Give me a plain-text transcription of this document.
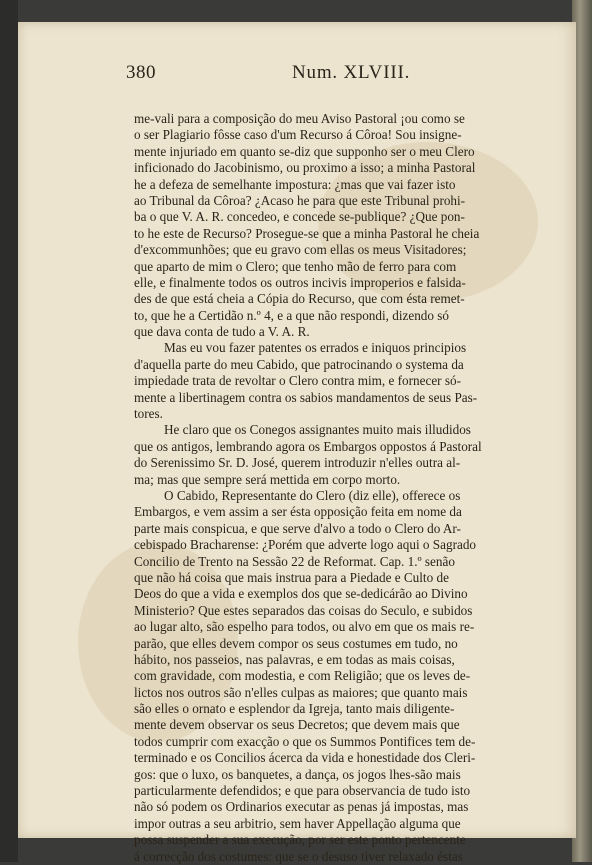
380	Num. XLVIII.
me-vali para a composição do meu Aviso Pastoral ¡ou como se
o ser Plagiario fôsse caso d'um Recurso á Côroa! Sou insigne-
mente injuriado em quanto se-diz que supponho ser o meu Clero
inficionado do Jacobinismo, ou proximo a isso; a minha Pastoral
he a defeza de semelhante impostura: ¿mas que vai fazer isto
ao Tribunal da Côroa? ¿Acaso he para que este Tribunal prohi-
ba o que V. A. R. concedeo, e concede se-publique? ¿Que pon-
to he este de Recurso? Prosegue-se que a minha Pastoral he cheia
d'excommunhões; que eu gravo com ellas os meus Visitadores;
que aparto de mim o Clero; que tenho mão de ferro para com
elle, e finalmente todos os outros incivis improperios e falsida-
des de que está cheia a Cópia do Recurso, que com ésta remet-
to, que he a Certidão n.º 4, e a que não respondi, dizendo só
que dava conta de tudo a V. A. R.
Mas eu vou fazer patentes os errados e iniquos principios
d'aquella parte do meu Cabido, que patrocinando o systema da
impiedade trata de revoltar o Clero contra mim, e fornecer só-
mente a libertinagem contra os sabios mandamentos de seus Pas-
tores.
He claro que os Conegos assignantes muito mais illudidos
que os antigos, lembrando agora os Embargos oppostos á Pastoral
do Serenissimo Sr. D. José, querem introduzir n'elles outra al-
ma; mas que sempre será mettida em corpo morto.
O Cabido, Representante do Clero (diz elle), offerece os
Embargos, e vem assim a ser ésta opposição feita em nome da
parte mais conspicua, e que serve d'alvo a todo o Clero do Ar-
cebispado Bracharense: ¿Porém que adverte logo aqui o Sagrado
Concilio de Trento na Sessão 22 de Reformat. Cap. 1.º senão
que não há coisa que mais instrua para a Piedade e Culto de
Deos do que a vida e exemplos dos que se-dedicárão ao Divino
Ministerio? Que estes separados das coisas do Seculo, e subidos
ao lugar alto, são espelho para todos, ou alvo em que os mais re-
parão, que elles devem compor os seus costumes em tudo, no
hábito, nos passeios, nas palavras, e em todas as mais coisas,
com gravidade, com modestia, e com Religião; que os leves de-
lictos nos outros são n'elles culpas as maiores; que quanto mais
são elles o ornato e esplendor da Igreja, tanto mais diligente-
mente devem observar os seus Decretos; que devem mais que
todos cumprir com exacção o que os Summos Pontifices tem de-
terminado e os Concilios ácerca da vida e honestidade dos Cleri-
gos: que o luxo, os banquetes, a dança, os jogos lhes-são mais
particularmente defendidos; e que para observancia de tudo isto
não só podem os Ordinarios executar as penas já impostas, mas
impor outras a seu arbitrio, sem haver Appellação alguma que
possa suspender a sua execução, por ser este ponto pertencente
á correcção dos costumes: que se o desuso tiver relaxado éstas
